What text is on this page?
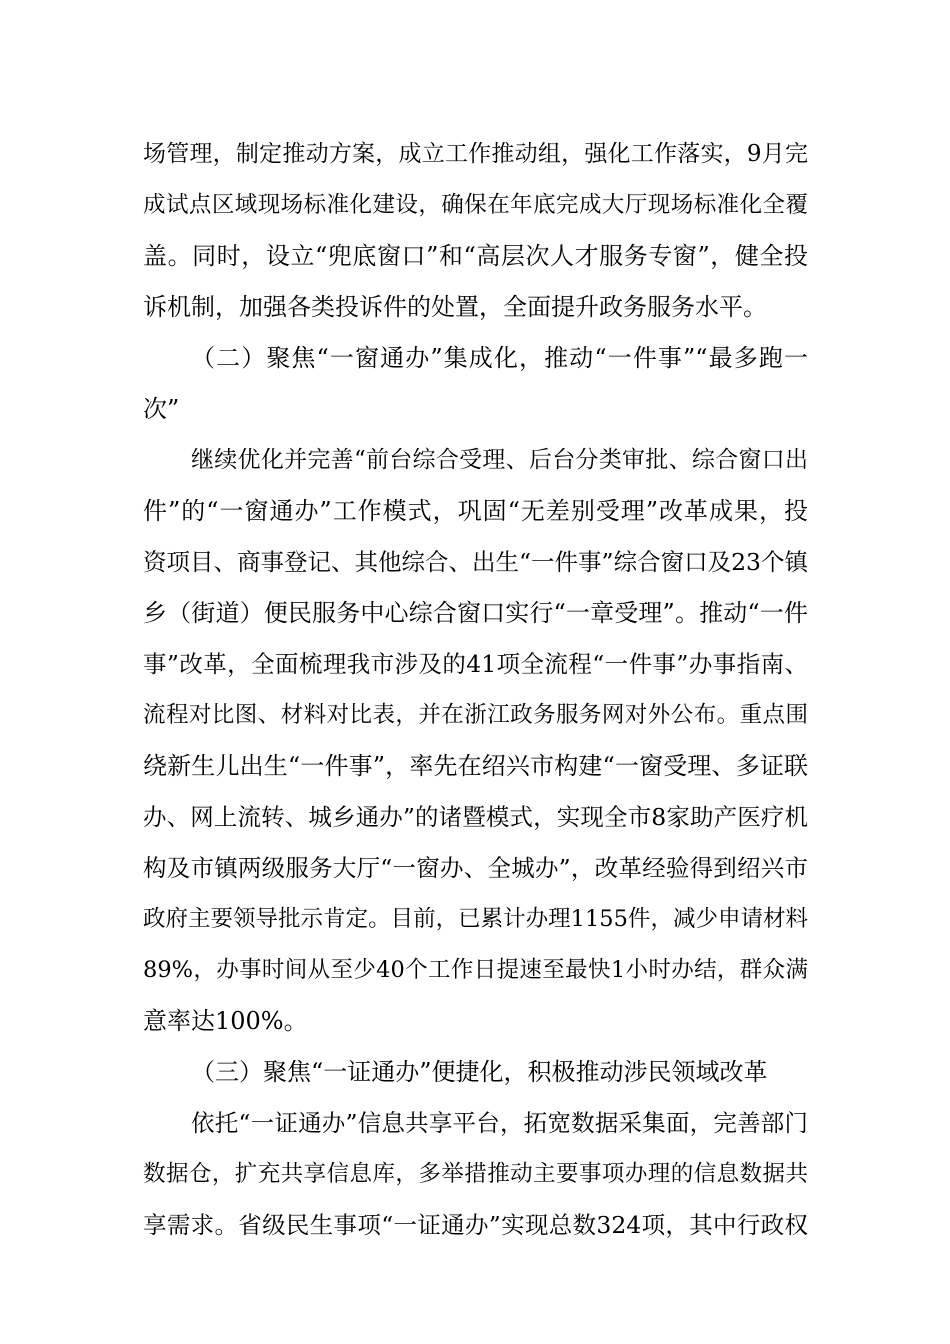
场管理，制定推动方案，成立工作推动组，强化工作落实，9月完
成试点区域现场标准化建设，确保在年底完成大厅现场标准化全覆
盖。同时，设立“兜底窗口”和“高层次人才服务专窗”，健全投
诉机制，加强各类投诉件的处置，全面提升政务服务水平。
（二）聚焦“一窗通办”集成化，推动“一件事”“最多跑一
次”
继续优化并完善“前台综合受理、后台分类审批、综合窗口出
件”的“一窗通办”工作模式，巩固“无差别受理”改革成果，投
资项目、商事登记、其他综合、出生“一件事”综合窗口及23个镇
乡（街道）便民服务中心综合窗口实行“一章受理”。推动“一件
事”改革，全面梳理我市涉及的41项全流程“一件事”办事指南、
流程对比图、材料对比表，并在浙江政务服务网对外公布。重点围
绕新生儿出生“一件事”，率先在绍兴市构建“一窗受理、多证联
办、网上流转、城乡通办”的诸暨模式，实现全市8家助产医疗机
构及市镇两级服务大厅“一窗办、全城办”，改革经验得到绍兴市
政府主要领导批示肯定。目前，已累计办理1155件，减少申请材料
89%，办事时间从至少40个工作日提速至最快1小时办结，群众满
意率达100%。
（三）聚焦“一证通办”便捷化，积极推动涉民领域改革
依托“一证通办”信息共享平台，拓宽数据采集面，完善部门
数据仓，扩充共享信息库，多举措推动主要事项办理的信息数据共
享需求。省级民生事项“一证通办”实现总数324项，其中行政权
